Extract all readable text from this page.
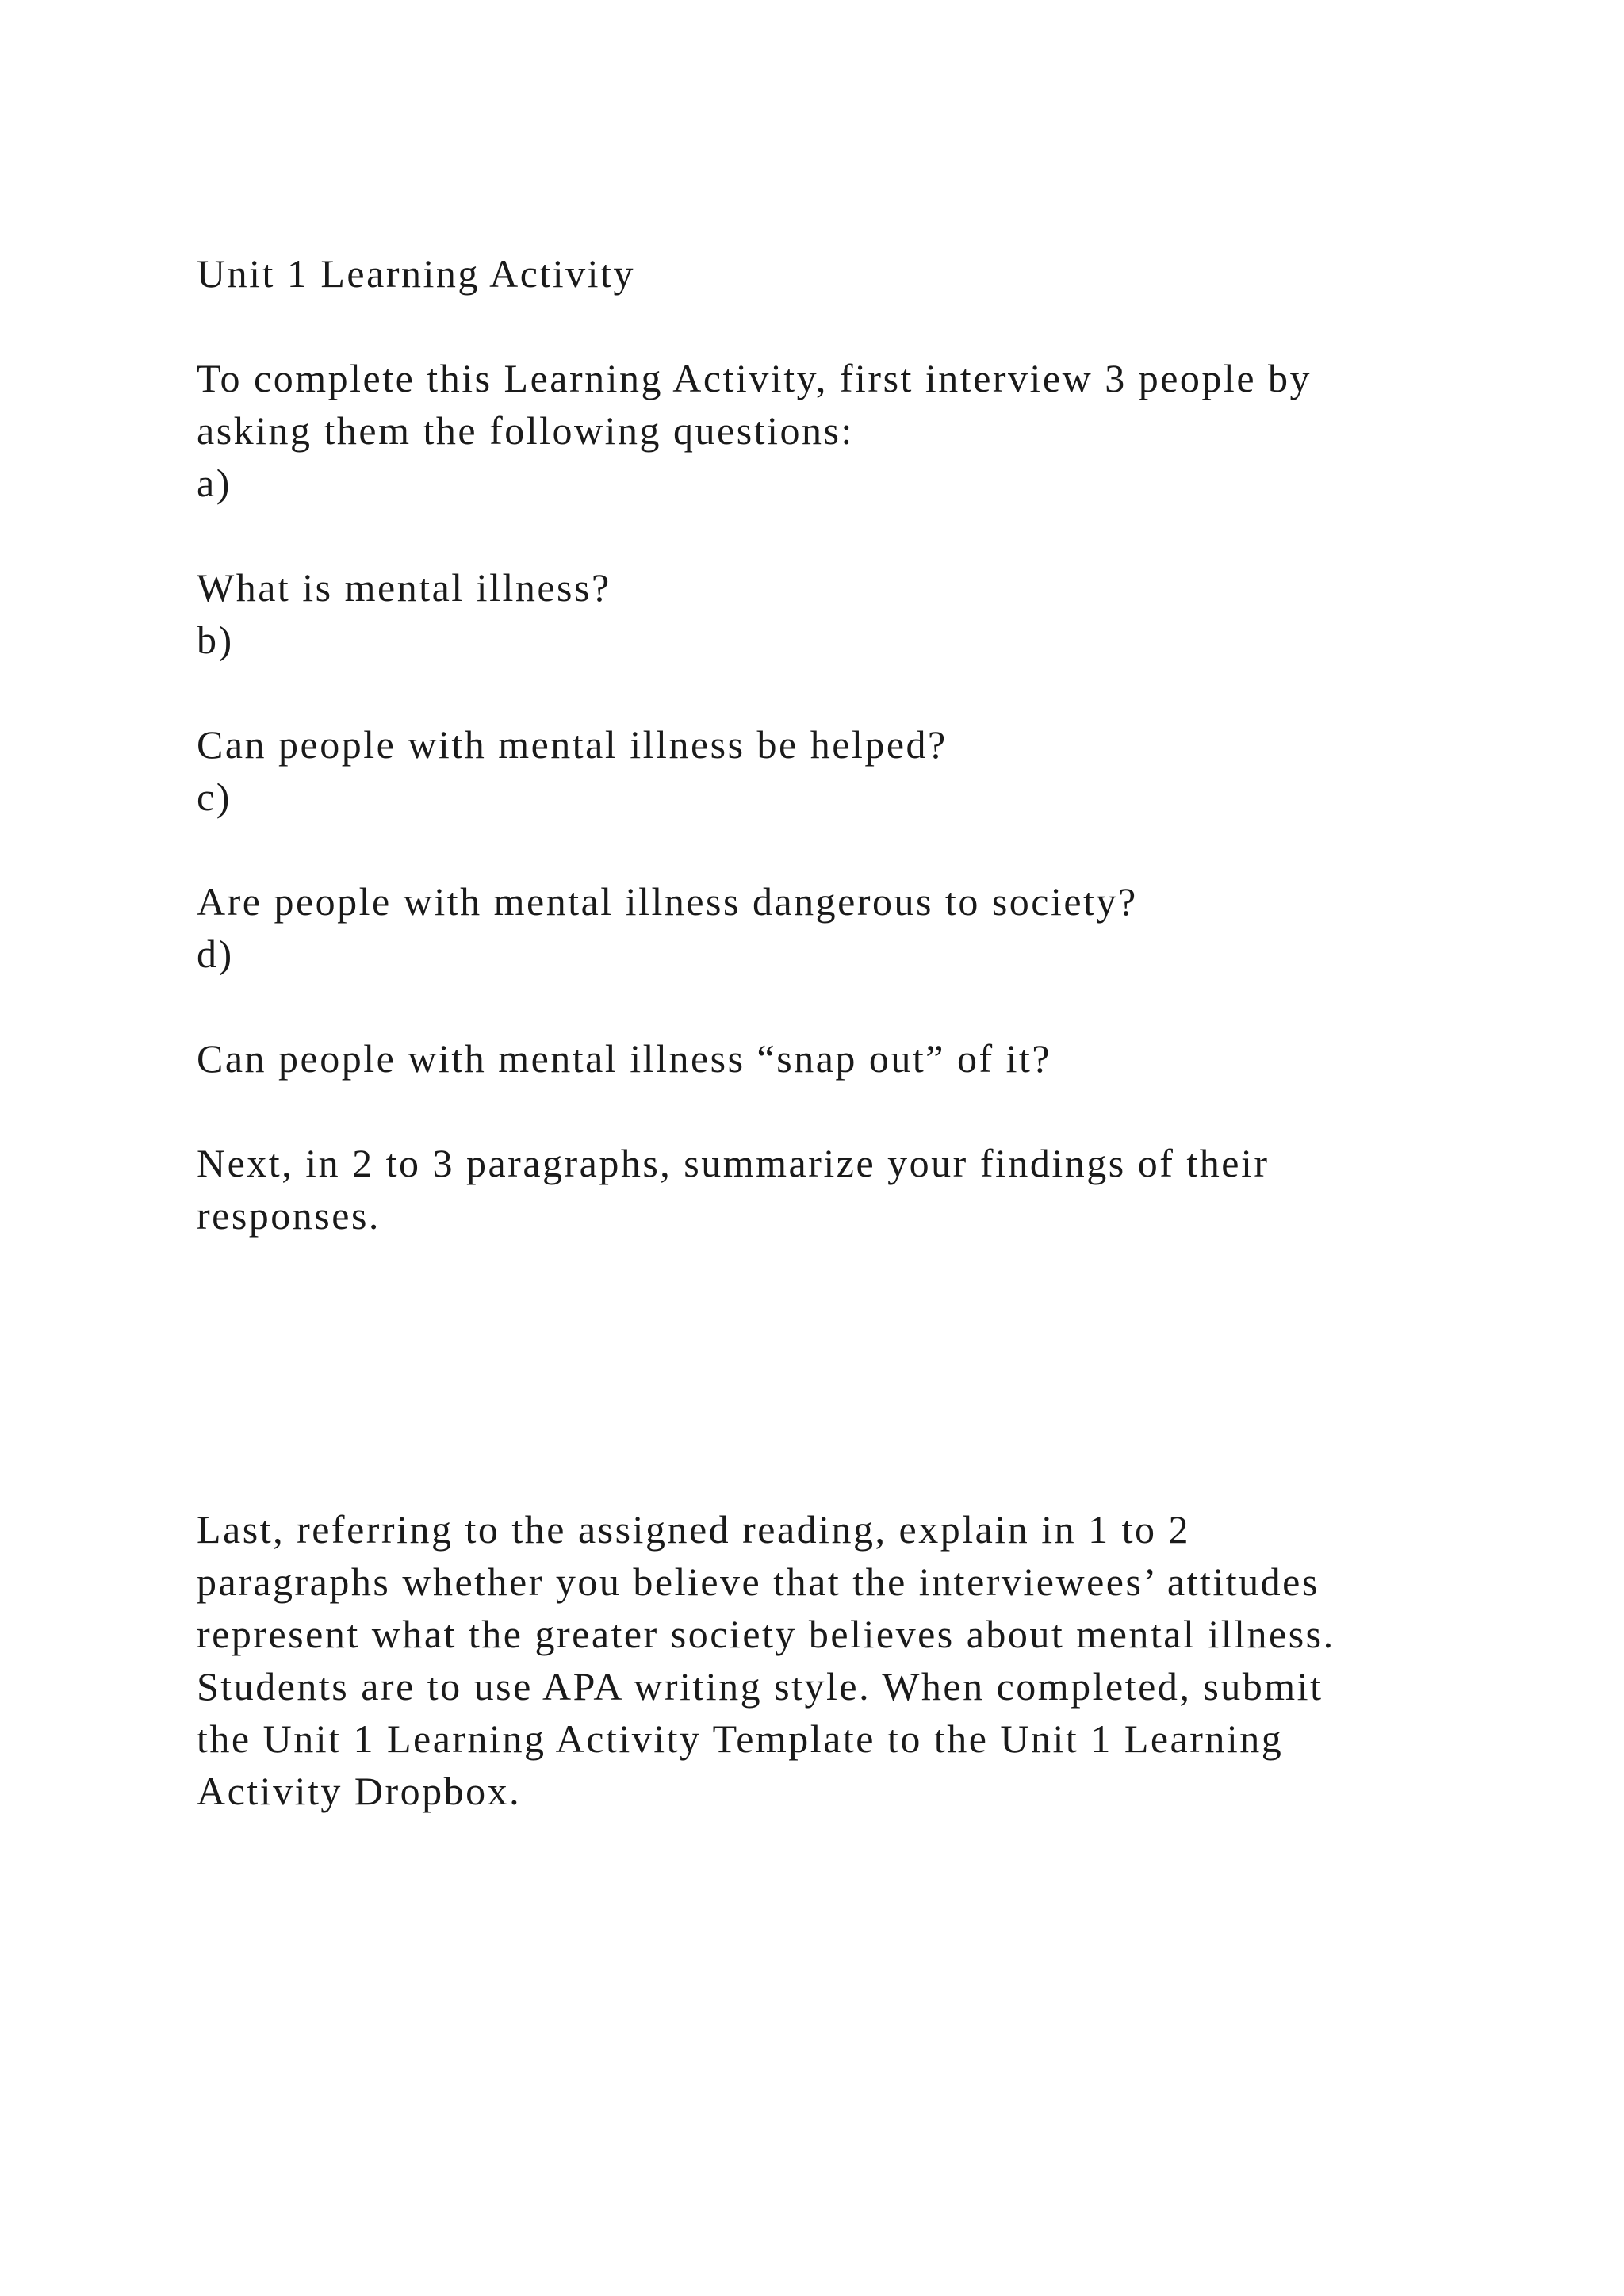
Unit 1 Learning Activity
To complete this Learning Activity, first interview 3 people by
asking them the following questions:
a)
What is mental illness?
b)
Can people with mental illness be helped?
c)
Are people with mental illness dangerous to society?
d)
Can people with mental illness “snap out” of it?
Next, in 2 to 3 paragraphs, summarize your findings of their
responses.
Last, referring to the assigned reading, explain in 1 to 2
paragraphs whether you believe that the interviewees’ attitudes
represent what the greater society believes about mental illness.
Students are to use APA writing style. When completed, submit
the Unit 1 Learning Activity Template to the Unit 1 Learning
Activity Dropbox.
